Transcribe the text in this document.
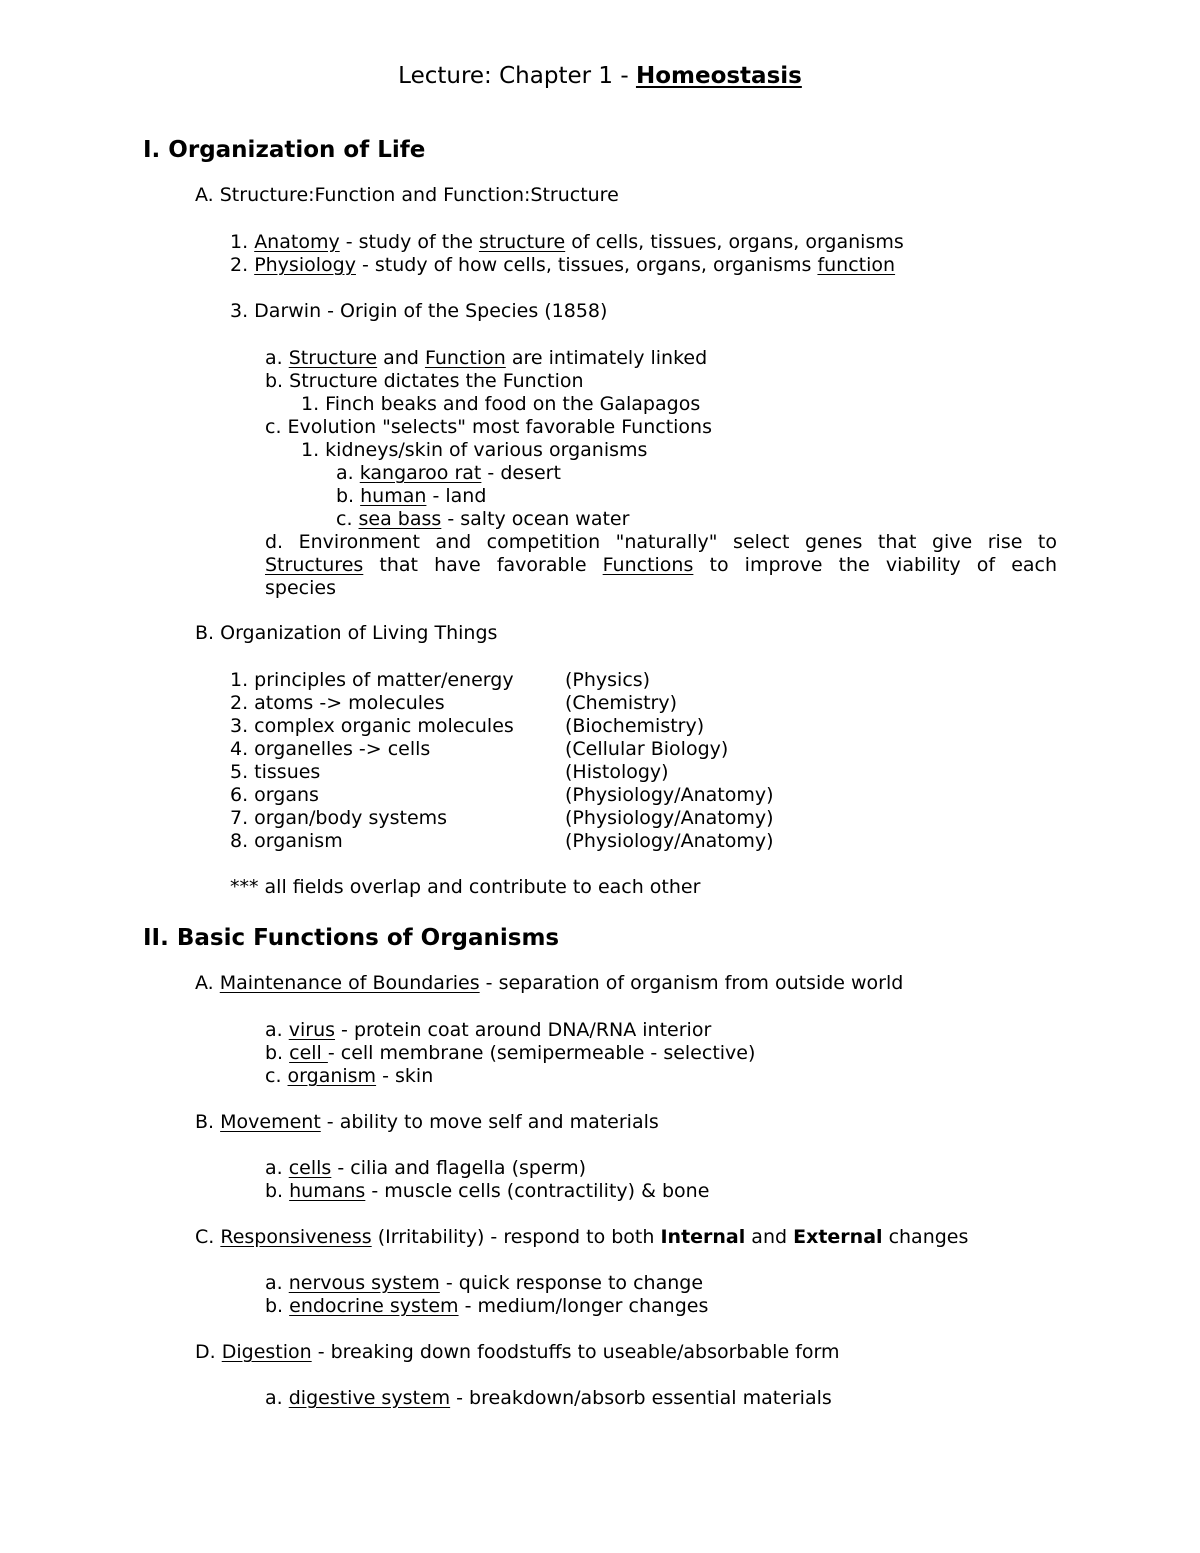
Lecture: Chapter 1 - Homeostasis
I. Organization of Life
A. Structure:Function and Function:Structure
1. Anatomy - study of the structure of cells, tissues, organs, organisms
2. Physiology - study of how cells, tissues, organs, organisms function
3. Darwin - Origin of the Species (1858)
a. Structure and Function are intimately linked
b. Structure dictates the Function
1. Finch beaks and food on the Galapagos
c. Evolution "selects" most favorable Functions
1. kidneys/skin of various organisms
a. kangaroo rat - desert
b. human - land
c. sea bass - salty ocean water
d. Environment and competition "naturally" select genes that give rise to
Structures that have favorable Functions to improve the viability of each
species
B. Organization of Living Things
1. principles of matter/energy	(Physics)
2. atoms -> molecules	(Chemistry)
3. complex organic molecules	(Biochemistry)
4. organelles -> cells	(Cellular Biology)
5. tissues	(Histology)
6. organs	(Physiology/Anatomy)
7. organ/body systems	(Physiology/Anatomy)
8. organism	(Physiology/Anatomy)
*** all fields overlap and contribute to each other
II. Basic Functions of Organisms
A. Maintenance of Boundaries - separation of organism from outside world
a. virus - protein coat around DNA/RNA interior
b. cell - cell membrane (semipermeable - selective)
c. organism - skin
B. Movement - ability to move self and materials
a. cells - cilia and flagella (sperm)
b. humans - muscle cells (contractility) & bone
C. Responsiveness (Irritability) - respond to both Internal and External changes
a. nervous system - quick response to change
b. endocrine system - medium/longer changes
D. Digestion - breaking down foodstuffs to useable/absorbable form
a. digestive system - breakdown/absorb essential materials
